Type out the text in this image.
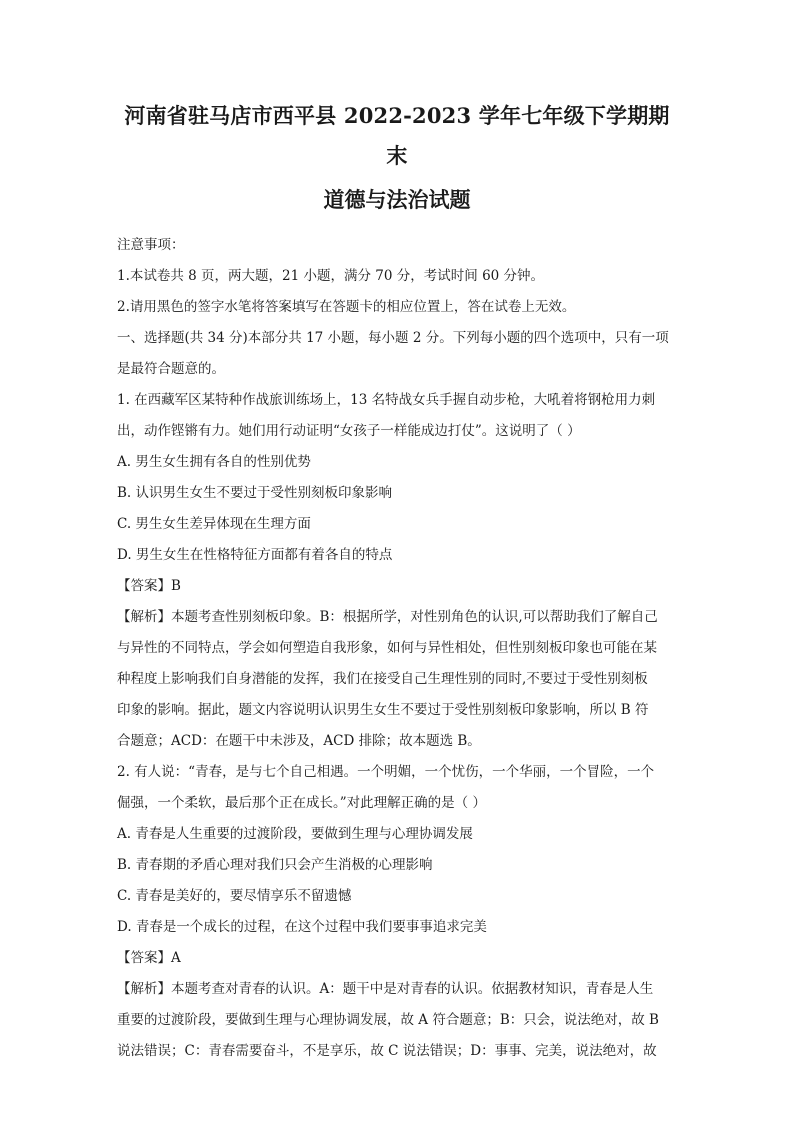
河南省驻马店市西平县 2022-2023 学年七年级下学期期末
道德与法治试题

注意事项：

1.本试卷共 8 页，两大题，21 小题，满分 70 分，考试时间 60 分钟。

2.请用黑色的签字水笔将答案填写在答题卡的相应位置上，答在试卷上无效。

一、选择题(共 34 分)本部分共 17 小题，每小题 2 分。下列每小题的四个选项中，只有一项

是最符合题意的。

1. 在西藏军区某特种作战旅训练场上，13 名特战女兵手握自动步枪，大吼着将钢枪用力刺

出，动作铿锵有力。她们用行动证明“女孩子一样能成边打仗”。这说明了（ ）

A. 男生女生拥有各自的性别优势

B. 认识男生女生不要过于受性别刻板印象影响

C. 男生女生差异体现在生理方面

D. 男生女生在性格特征方面都有着各自的特点

【答案】B

【解析】本题考查性别刻板印象。B：根据所学，对性别角色的认识,可以帮助我们了解自己

与异性的不同特点，学会如何塑造自我形象，如何与异性相处，但性别刻板印象也可能在某

种程度上影响我们自身潜能的发挥，我们在接受自己生理性别的同时,不要过于受性别刻板

印象的影响。据此，题文内容说明认识男生女生不要过于受性别刻板印象影响，所以 B 符

合题意；ACD：在题干中未涉及，ACD 排除；故本题选 B。

2. 有人说：“青春，是与七个自己相遇。一个明媚，一个忧伤，一个华丽，一个冒险，一个

倔强，一个柔软，最后那个正在成长。”对此理解正确的是（ ）

A. 青春是人生重要的过渡阶段，要做到生理与心理协调发展

B. 青春期的矛盾心理对我们只会产生消极的心理影响

C. 青春是美好的，要尽情享乐不留遗憾

D. 青春是一个成长的过程，在这个过程中我们要事事追求完美

【答案】A

【解析】本题考查对青春的认识。A：题干中是对青春的认识。依据教材知识，青春是人生

重要的过渡阶段，要做到生理与心理协调发展，故 A 符合题意；B：只会，说法绝对，故 B

说法错误；C：青春需要奋斗，不是享乐，故 C 说法错误；D：事事、完美，说法绝对，故
